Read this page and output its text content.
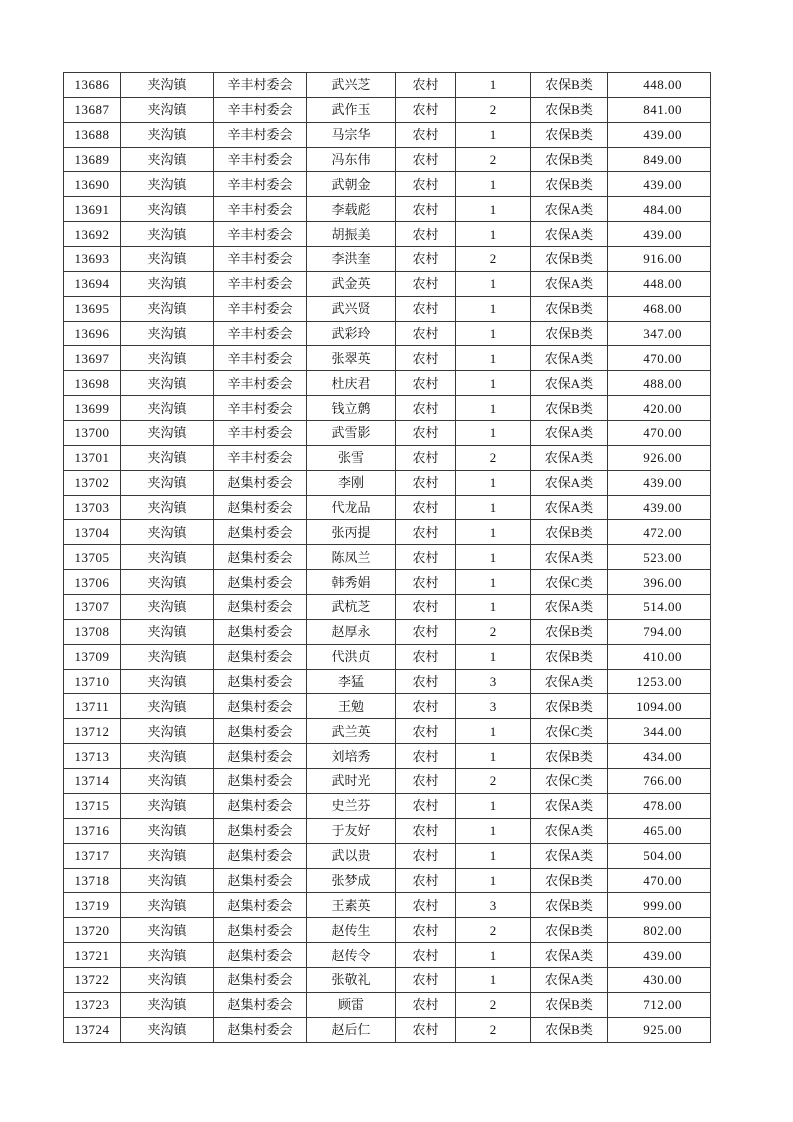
13686	夹沟镇	辛丰村委会	武兴芝	农村	1	农保B类	448.00
13687	夹沟镇	辛丰村委会	武作玉	农村	2	农保B类	841.00
13688	夹沟镇	辛丰村委会	马宗华	农村	1	农保B类	439.00
13689	夹沟镇	辛丰村委会	冯东伟	农村	2	农保B类	849.00
13690	夹沟镇	辛丰村委会	武朝金	农村	1	农保B类	439.00
13691	夹沟镇	辛丰村委会	李载彪	农村	1	农保A类	484.00
13692	夹沟镇	辛丰村委会	胡振美	农村	1	农保A类	439.00
13693	夹沟镇	辛丰村委会	李洪奎	农村	2	农保B类	916.00
13694	夹沟镇	辛丰村委会	武金英	农村	1	农保A类	448.00
13695	夹沟镇	辛丰村委会	武兴贤	农村	1	农保B类	468.00
13696	夹沟镇	辛丰村委会	武彩玲	农村	1	农保B类	347.00
13697	夹沟镇	辛丰村委会	张翠英	农村	1	农保A类	470.00
13698	夹沟镇	辛丰村委会	杜庆君	农村	1	农保A类	488.00
13699	夹沟镇	辛丰村委会	钱立鹩	农村	1	农保B类	420.00
13700	夹沟镇	辛丰村委会	武雪影	农村	1	农保A类	470.00
13701	夹沟镇	辛丰村委会	张雪	农村	2	农保A类	926.00
13702	夹沟镇	赵集村委会	李刚	农村	1	农保A类	439.00
13703	夹沟镇	赵集村委会	代龙品	农村	1	农保A类	439.00
13704	夹沟镇	赵集村委会	张丙提	农村	1	农保B类	472.00
13705	夹沟镇	赵集村委会	陈凤兰	农村	1	农保A类	523.00
13706	夹沟镇	赵集村委会	韩秀娟	农村	1	农保C类	396.00
13707	夹沟镇	赵集村委会	武杭芝	农村	1	农保A类	514.00
13708	夹沟镇	赵集村委会	赵厚永	农村	2	农保B类	794.00
13709	夹沟镇	赵集村委会	代洪贞	农村	1	农保B类	410.00
13710	夹沟镇	赵集村委会	李猛	农村	3	农保A类	1253.00
13711	夹沟镇	赵集村委会	王勉	农村	3	农保B类	1094.00
13712	夹沟镇	赵集村委会	武兰英	农村	1	农保C类	344.00
13713	夹沟镇	赵集村委会	刘培秀	农村	1	农保B类	434.00
13714	夹沟镇	赵集村委会	武时光	农村	2	农保C类	766.00
13715	夹沟镇	赵集村委会	史兰芬	农村	1	农保A类	478.00
13716	夹沟镇	赵集村委会	于友好	农村	1	农保A类	465.00
13717	夹沟镇	赵集村委会	武以贵	农村	1	农保A类	504.00
13718	夹沟镇	赵集村委会	张梦成	农村	1	农保B类	470.00
13719	夹沟镇	赵集村委会	王素英	农村	3	农保B类	999.00
13720	夹沟镇	赵集村委会	赵传生	农村	2	农保B类	802.00
13721	夹沟镇	赵集村委会	赵传令	农村	1	农保A类	439.00
13722	夹沟镇	赵集村委会	张敬礼	农村	1	农保A类	430.00
13723	夹沟镇	赵集村委会	顾雷	农村	2	农保B类	712.00
13724	夹沟镇	赵集村委会	赵后仁	农村	2	农保B类	925.00
